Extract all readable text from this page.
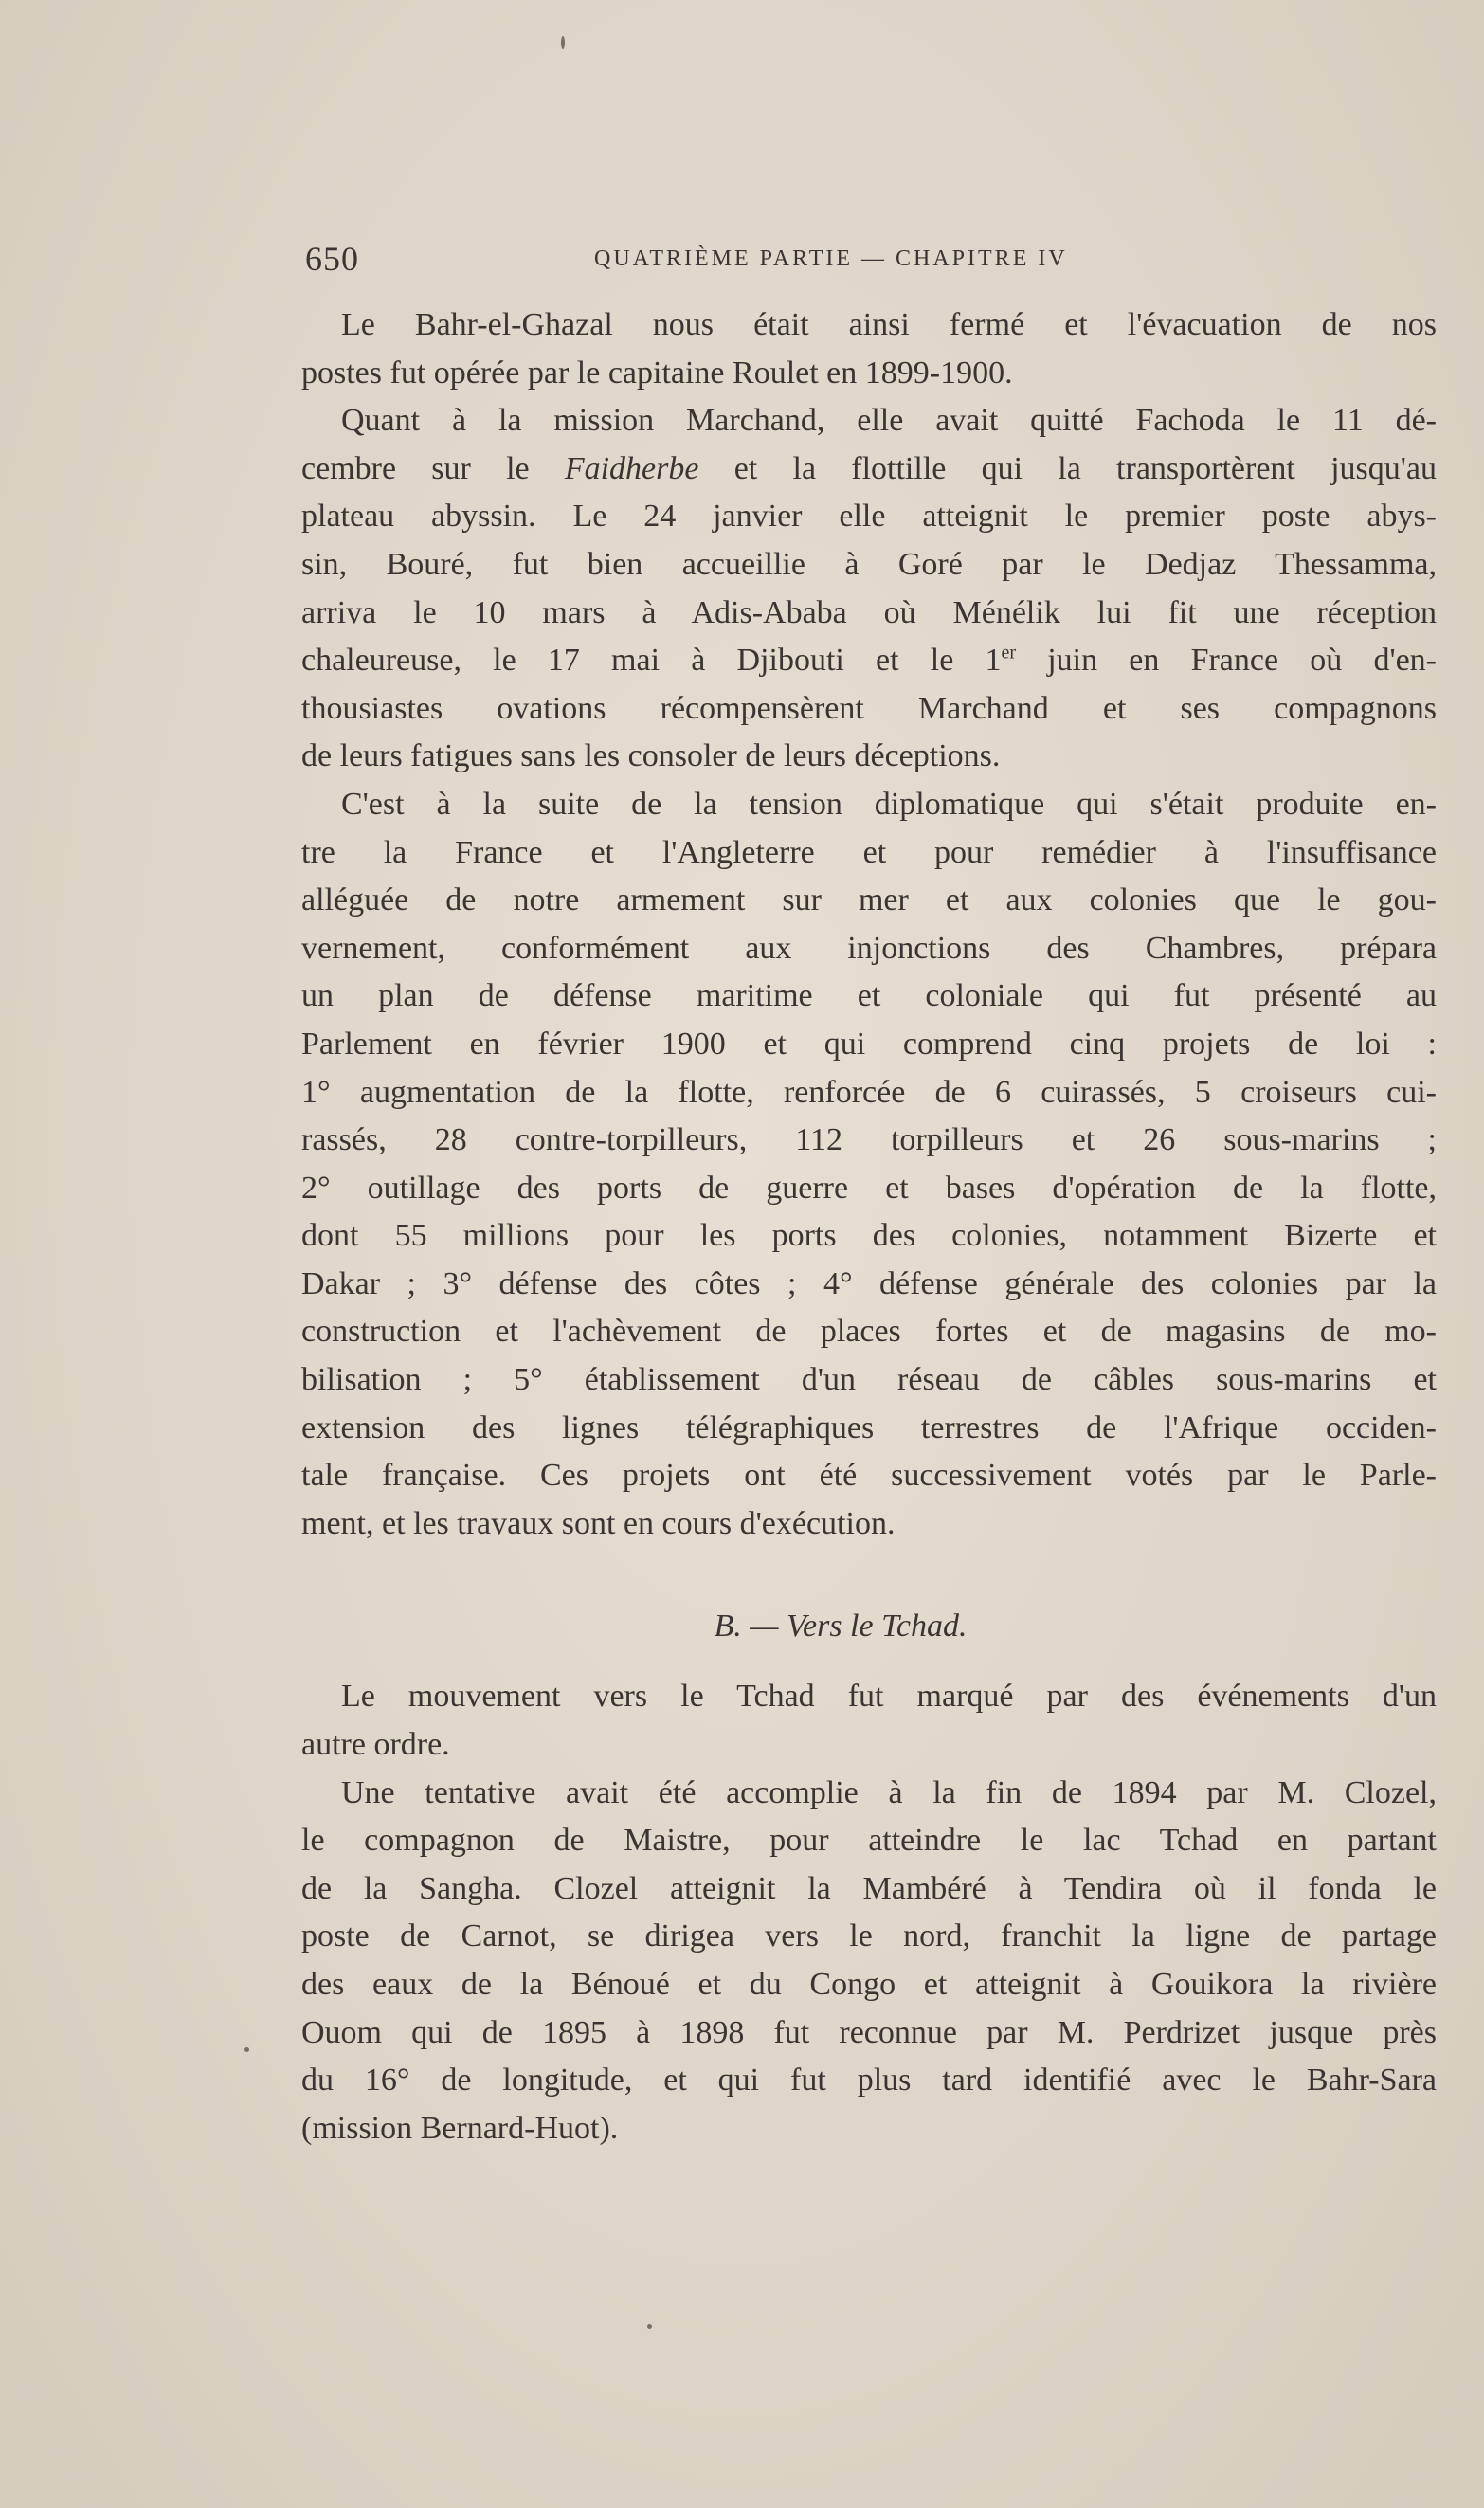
650	QUATRIÈME PARTIE — CHAPITRE IV
Le Bahr-el-Ghazal nous était ainsi fermé et l'évacuation de nos
postes fut opérée par le capitaine Roulet en 1899-1900.
Quant à la mission Marchand, elle avait quitté Fachoda le 11 dé-
cembre sur le Faidherbe et la flottille qui la transportèrent jusqu'au
plateau abyssin. Le 24 janvier elle atteignit le premier poste abys-
sin, Bouré, fut bien accueillie à Goré par le Dedjaz Thessamma,
arriva le 10 mars à Adis-Ababa où Ménélik lui fit une réception
chaleureuse, le 17 mai à Djibouti et le 1er juin en France où d'en-
thousiastes ovations récompensèrent Marchand et ses compagnons
de leurs fatigues sans les consoler de leurs déceptions.
C'est à la suite de la tension diplomatique qui s'était produite en-
tre la France et l'Angleterre et pour remédier à l'insuffisance
alléguée de notre armement sur mer et aux colonies que le gou-
vernement, conformément aux injonctions des Chambres, prépara
un plan de défense maritime et coloniale qui fut présenté au
Parlement en février 1900 et qui comprend cinq projets de loi :
1° augmentation de la flotte, renforcée de 6 cuirassés, 5 croiseurs cui-
rassés, 28 contre-torpilleurs, 112 torpilleurs et 26 sous-marins ;
2° outillage des ports de guerre et bases d'opération de la flotte,
dont 55 millions pour les ports des colonies, notamment Bizerte et
Dakar ; 3° défense des côtes ; 4° défense générale des colonies par la
construction et l'achèvement de places fortes et de magasins de mo-
bilisation ; 5° établissement d'un réseau de câbles sous-marins et
extension des lignes télégraphiques terrestres de l'Afrique occiden-
tale française. Ces projets ont été successivement votés par le Parle-
ment, et les travaux sont en cours d'exécution.
B. — Vers le Tchad.
Le mouvement vers le Tchad fut marqué par des événements d'un
autre ordre.
Une tentative avait été accomplie à la fin de 1894 par M. Clozel,
le compagnon de Maistre, pour atteindre le lac Tchad en partant
de la Sangha. Clozel atteignit la Mambéré à Tendira où il fonda le
poste de Carnot, se dirigea vers le nord, franchit la ligne de partage
des eaux de la Bénoué et du Congo et atteignit à Gouikora la rivière
Ouom qui de 1895 à 1898 fut reconnue par M. Perdrizet jusque près
du 16° de longitude, et qui fut plus tard identifié avec le Bahr-Sara
(mission Bernard-Huot).
